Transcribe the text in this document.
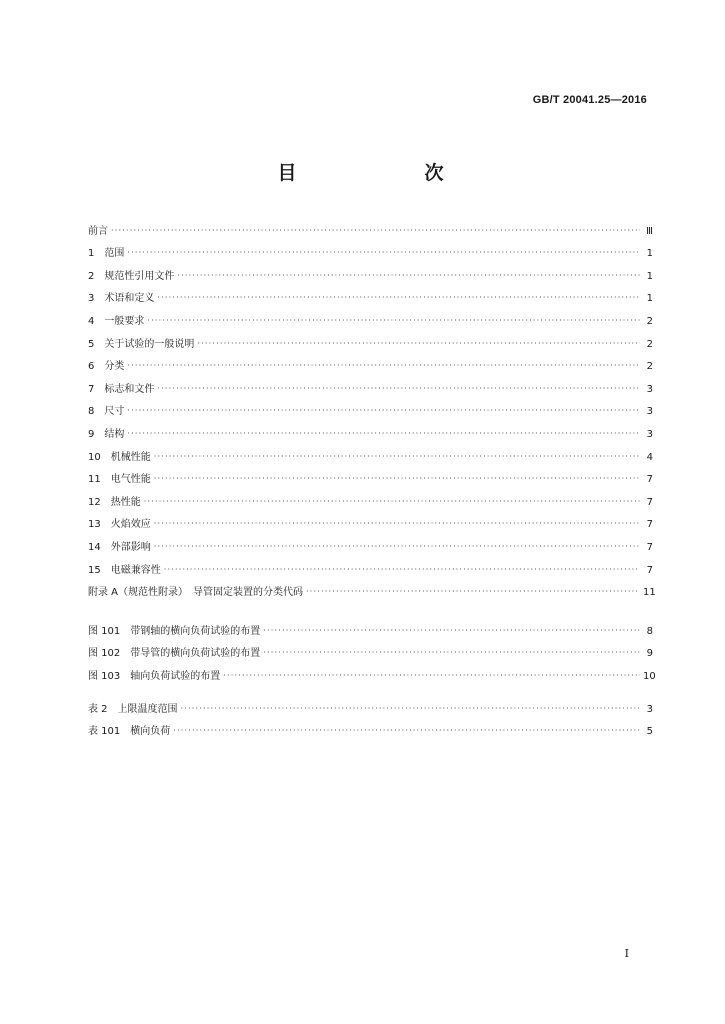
GB/T 20041.25—2016
目　　次
前言 ·····	Ⅲ
1　范围 ·····	1
2　规范性引用文件 ·····	1
3　术语和定义 ·····	1
4　一般要求 ·····	2
5　关于试验的一般说明 ·····	2
6　分类 ·····	2
7　标志和文件 ·····	3
8　尺寸 ·····	3
9　结构 ·····	3
10　机械性能 ·····	4
11　电气性能 ·····	7
12　热性能 ·····	7
13　火焰效应 ·····	7
14　外部影响 ·····	7
15　电磁兼容性 ·····	7
附录 A（规范性附录）　导管固定装置的分类代码 ·····	11
图 101　带钢轴的横向负荷试验的布置 ·····	8
图 102　带导管的横向负荷试验的布置 ·····	9
图 103　轴向负荷试验的布置 ·····	10
表 2　上限温度范围 ·····	3
表 101　横向负荷 ·····	5
I
